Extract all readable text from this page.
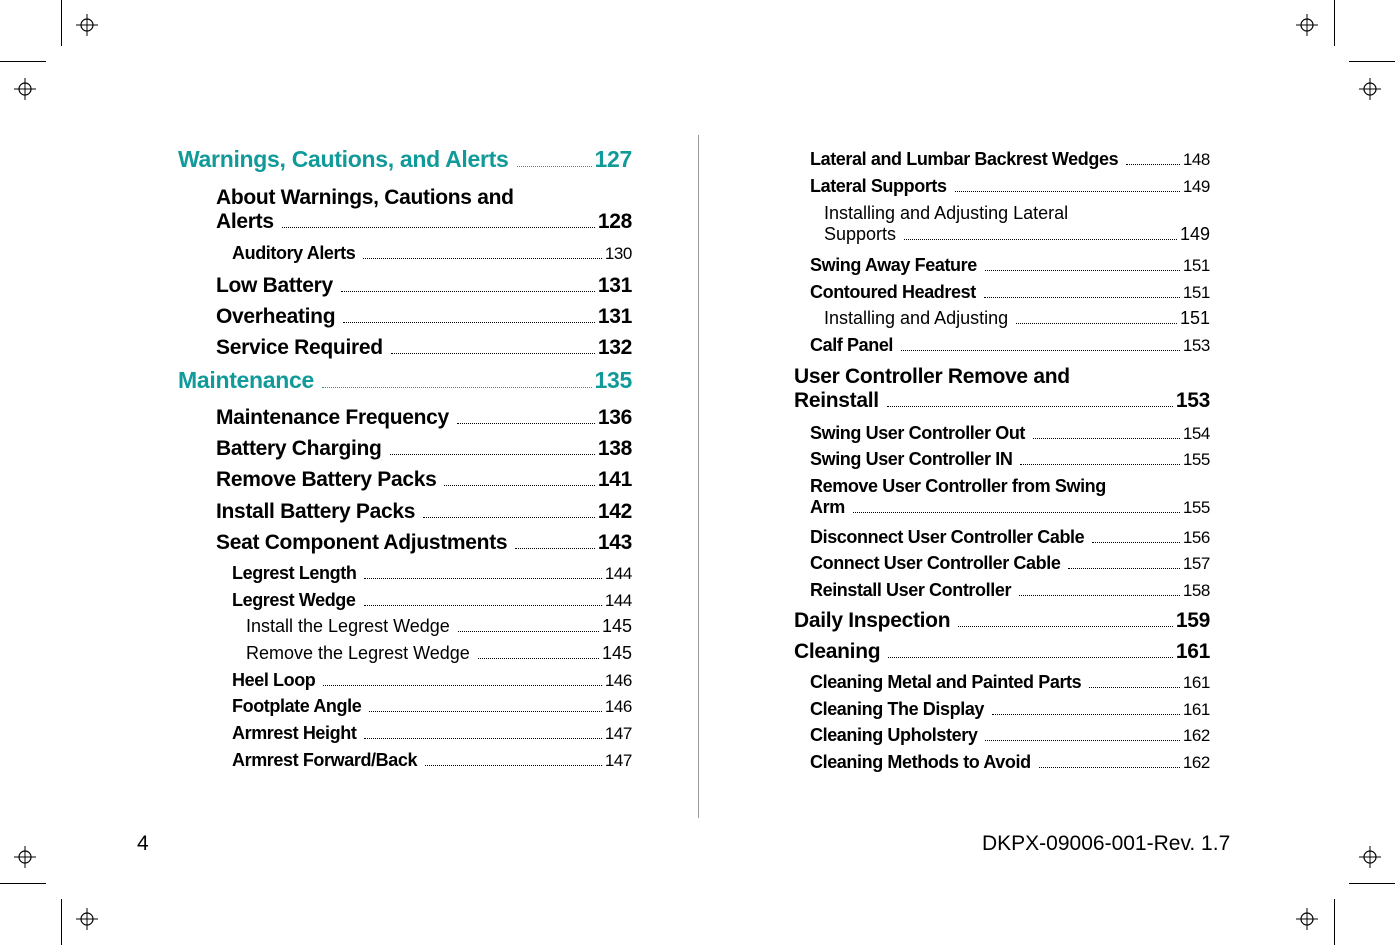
Warnings, Cautions, and Alerts	127
About Warnings, Cautions and
Alerts	128
Auditory Alerts	130
Low Battery	131
Overheating	131
Service Required	132
Maintenance	135
Maintenance Frequency	136
Battery Charging	138
Remove Battery Packs	141
Install Battery Packs	142
Seat Component Adjustments	143
Legrest Length	144
Legrest Wedge	144
Install the Legrest Wedge	145
Remove the Legrest Wedge	145
Heel Loop	146
Footplate Angle	146
Armrest Height	147
Armrest Forward/Back	147
Lateral and Lumbar Backrest Wedges	148
Lateral Supports	149
Installing and Adjusting Lateral
Supports	149
Swing Away Feature	151
Contoured Headrest	151
Installing and Adjusting	151
Calf Panel	153
User Controller Remove and
Reinstall	153
Swing User Controller Out	154
Swing User Controller IN	155
Remove User Controller from Swing
Arm	155
Disconnect User Controller Cable	156
Connect User Controller Cable	157
Reinstall User Controller	158
Daily Inspection	159
Cleaning	161
Cleaning Metal and Painted Parts	161
Cleaning The Display	161
Cleaning Upholstery	162
Cleaning Methods to Avoid	162
4	DKPX-09006-001-Rev. 1.7
